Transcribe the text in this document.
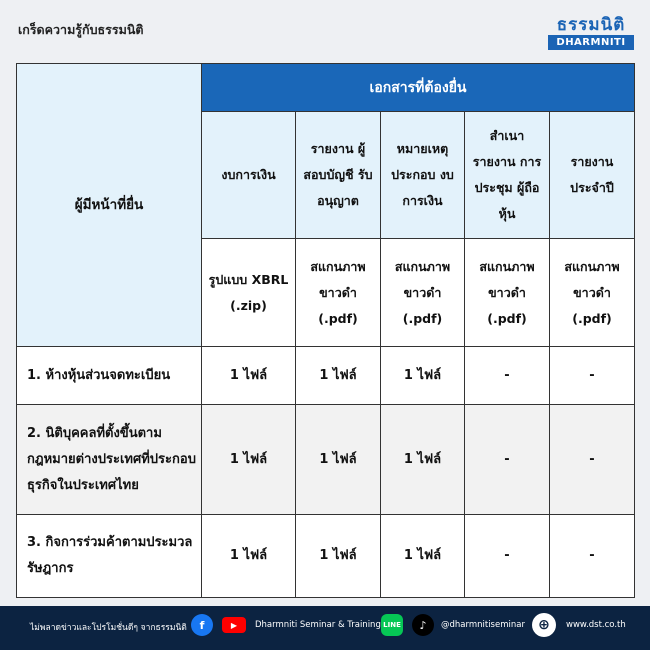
เกร็ดความรู้กับธรรมนิติ	ธรรมนิติ
DHARMNITI
ผู้มีหน้าที่ยื่น	เอกสารที่ต้องยื่น				
	งบการเงิน	รายงาน ผู้สอบบัญชี รับอนุญาต	หมายเหตุ ประกอบ งบการเงิน	สำเนา รายงาน การประชุม ผู้ถือหุ้น	รายงาน ประจำปี
	รูปแบบ XBRL (.zip)	สแกนภาพ ขาวดำ (.pdf)	สแกนภาพ ขาวดำ (.pdf)	สแกนภาพ ขาวดำ (.pdf)	สแกนภาพ ขาวดำ (.pdf)
1. ห้างหุ้นส่วนจดทะเบียน	1 ไฟล์	1 ไฟล์	1 ไฟล์	-	-
2. นิติบุคคลที่ตั้งขึ้นตามกฎหมายต่างประเทศที่ประกอบธุรกิจในประเทศไทย	1 ไฟล์	1 ไฟล์	1 ไฟล์	-	-
3. กิจการร่วมค้าตามประมวลรัษฎากร	1 ไฟล์	1 ไฟล์	1 ไฟล์	-	-
ไม่พลาดข่าวและโปรโมชั่นดีๆ จากธรรมนิติ	f	▶	Dharmniti Seminar & Training LINE	♪	@dharmnitiseminar ⊕	www.dst.co.th
